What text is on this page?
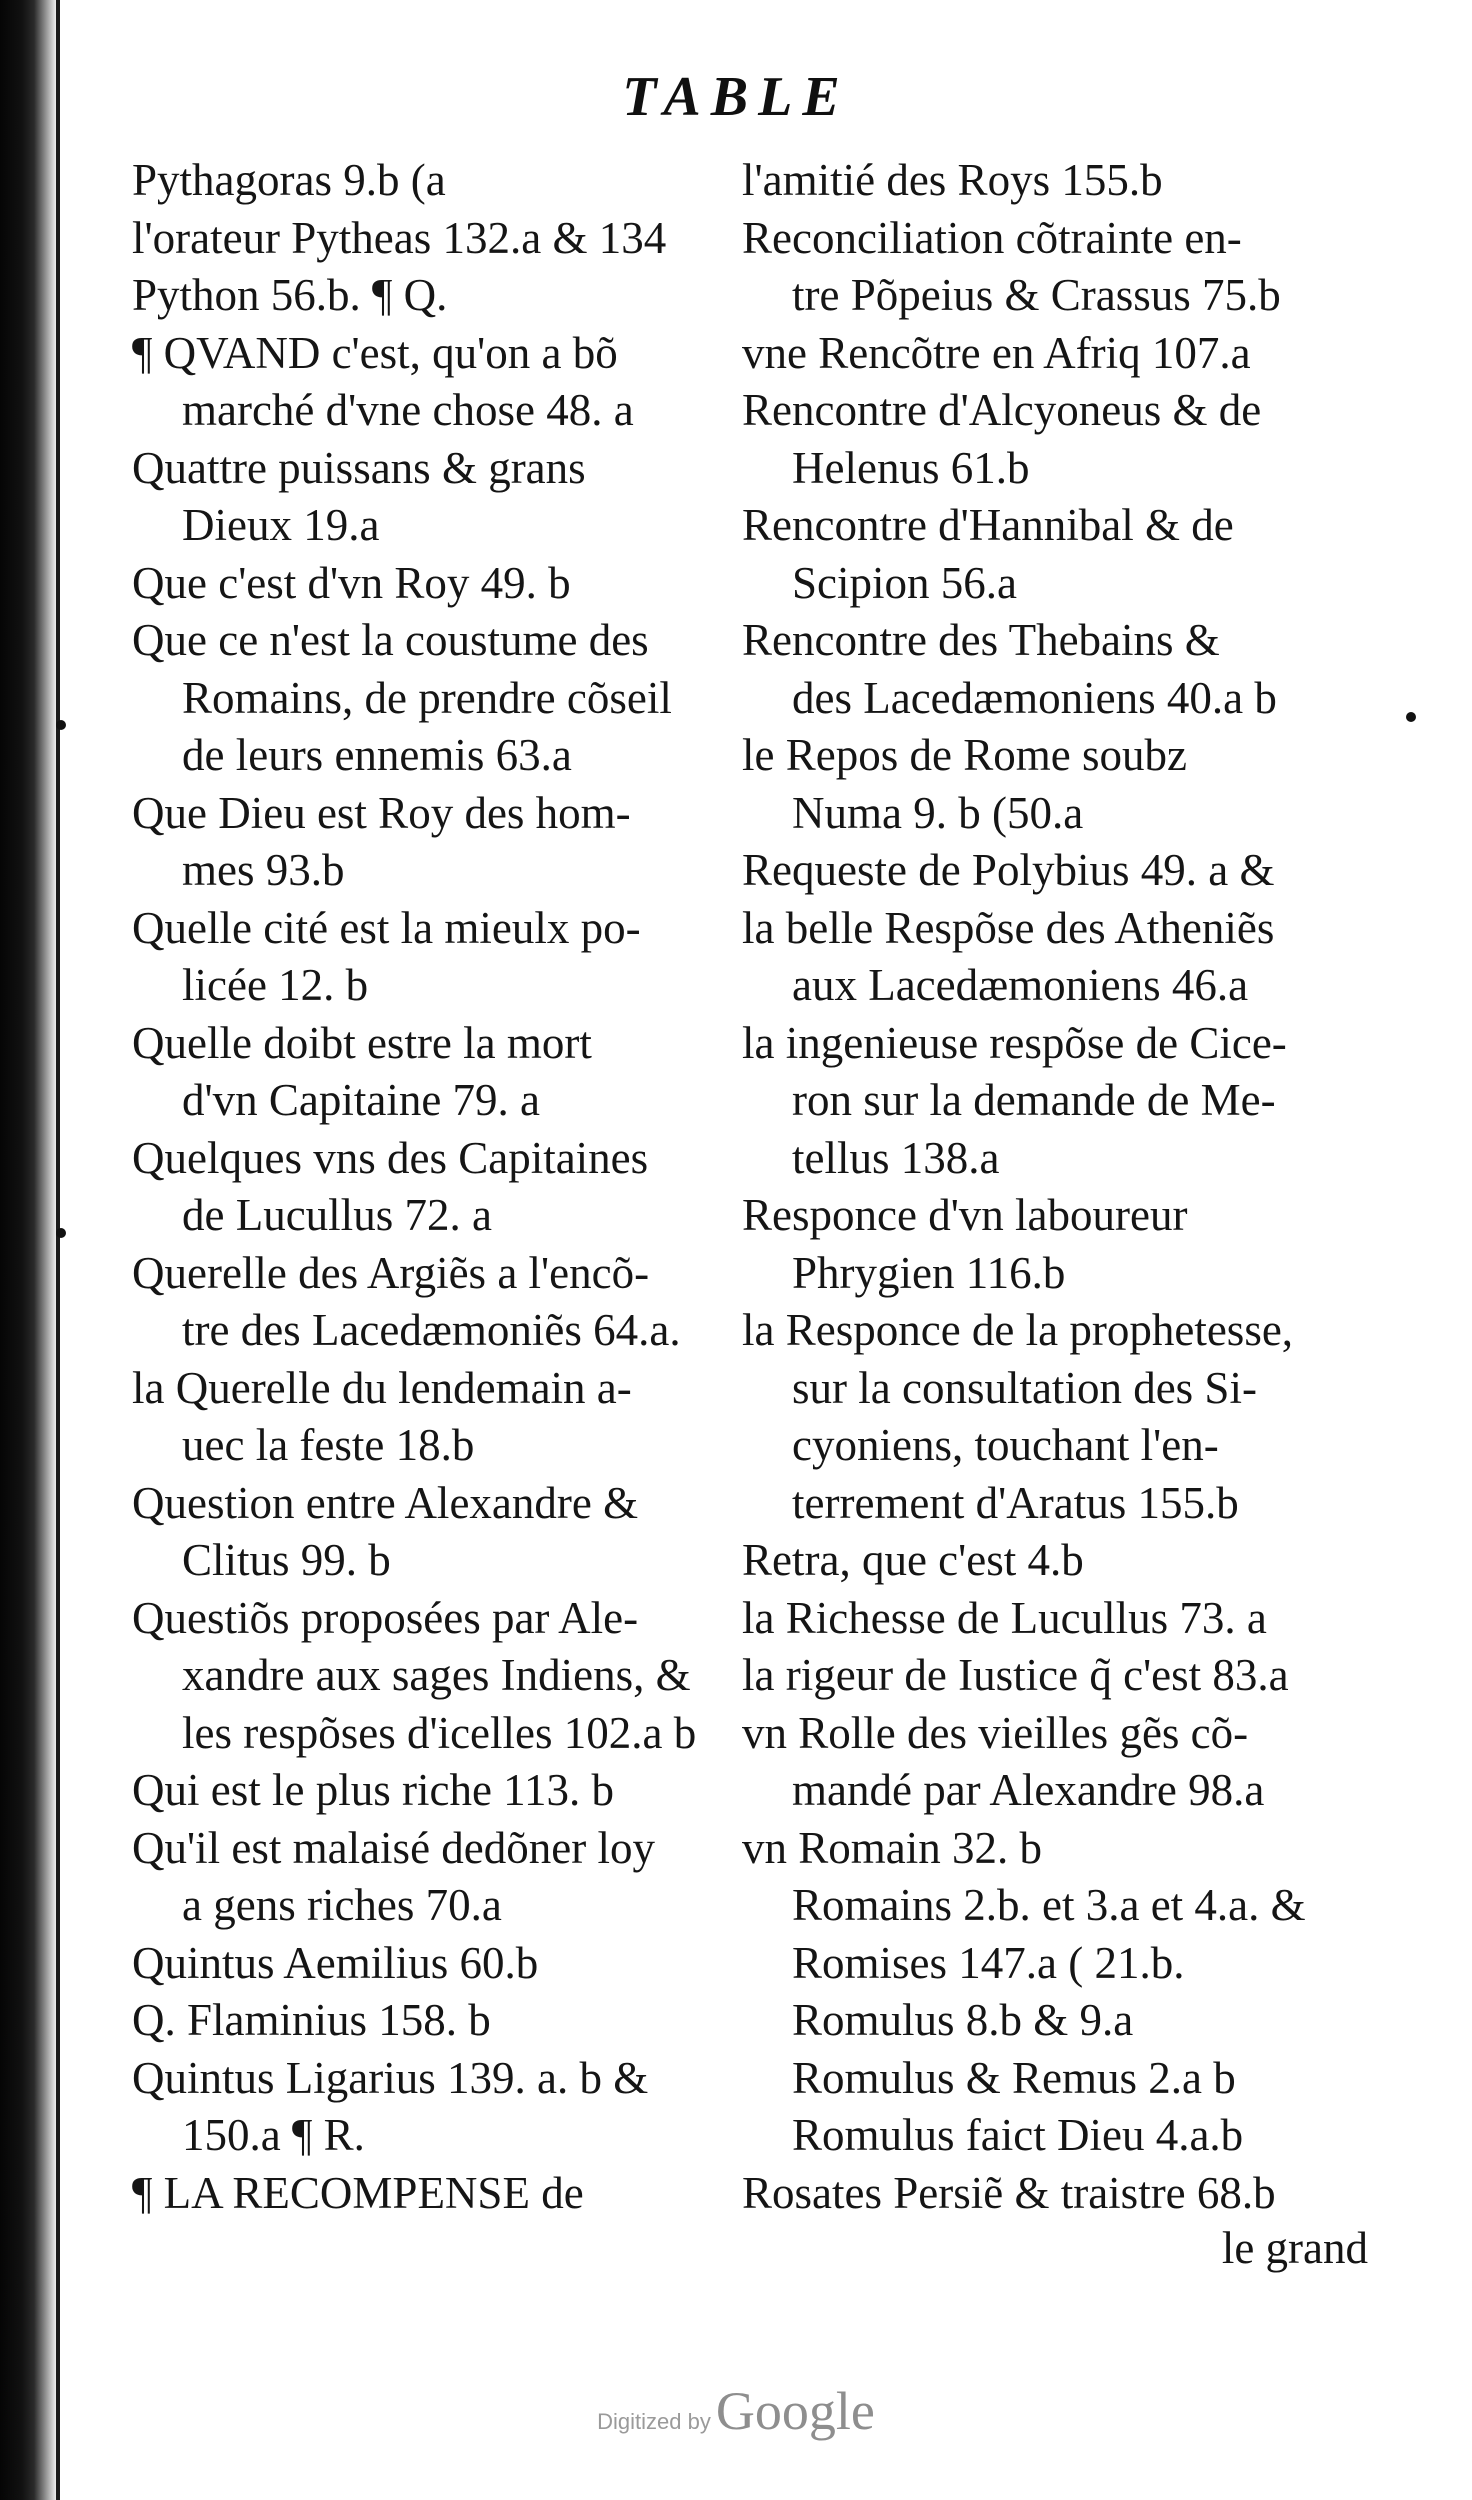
TABLE
Pythagoras 9.b (a
l'orateur Pytheas 132.a & 134
Python 56.b. ¶ Q.
¶ QVAND c'est, qu'on a bõ
marché d'vne chose 48. a
Quattre puissans & grans
Dieux 19.a
Que c'est d'vn Roy 49. b
Que ce n'est la coustume des
Romains, de prendre cõseil
de leurs ennemis 63.a
Que Dieu est Roy des hom-
mes 93.b
Quelle cité est la mieulx po-
licée 12. b
Quelle doibt estre la mort
d'vn Capitaine 79. a
Quelques vns des Capitaines
de Lucullus 72. a
Querelle des Argiẽs a l'encõ-
tre des Lacedæmoniẽs 64.a.
la Querelle du lendemain a-
uec la feste 18.b
Question entre Alexandre &
Clitus 99. b
Questiõs proposées par Ale-
xandre aux sages Indiens, &
les respõses d'icelles 102.a b
Qui est le plus riche 113. b
Qu'il est malaisé dedõner loy
a gens riches 70.a
Quintus Aemilius 60.b
Q. Flaminius 158. b
Quintus Ligarius 139. a. b &
150.a ¶ R.
¶ LA RECOMPENSE de
l'amitié des Roys 155.b
Reconciliation cõtrainte en-
tre Põpeius & Crassus 75.b
vne Rencõtre en Afriq 107.a
Rencontre d'Alcyoneus & de
Helenus 61.b
Rencontre d'Hannibal & de
Scipion 56.a
Rencontre des Thebains &
des Lacedæmoniens 40.a b
le Repos de Rome soubz
Numa 9. b (50.a
Requeste de Polybius 49. a &
la belle Respõse des Atheniẽs
aux Lacedæmoniens 46.a
la ingenieuse respõse de Cice-
ron sur la demande de Me-
tellus 138.a
Responce d'vn laboureur
Phrygien 116.b
la Responce de la prophetesse,
sur la consultation des Si-
cyoniens, touchant l'en-
terrement d'Aratus 155.b
Retra, que c'est 4.b
la Richesse de Lucullus 73. a
la rigeur de Iustice q̃ c'est 83.a
vn Rolle des vieilles gẽs cõ-
mandé par Alexandre 98.a
vn Romain 32. b
Romains 2.b. et 3.a et 4.a. &
Romises 147.a ( 21.b.
Romulus 8.b & 9.a
Romulus & Remus 2.a b
Romulus faict Dieu 4.a.b
Rosates Persiẽ & traistre 68.b
le grand
Digitized by Google
